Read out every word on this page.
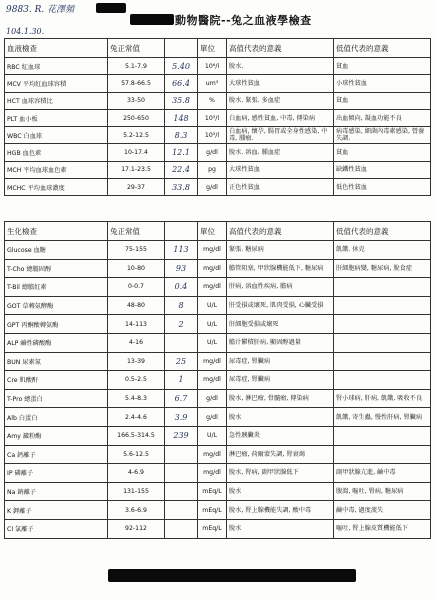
9883. R. 花澤頻
104.1.30.
動物醫院--兔之血液學檢查
血液檢查	兔正常值		單位	高值代表的意義	低值代表的意義
RBC 紅血球	5.1-7.9	5.40	10⁶/l	脫水.	貧血
MCV 平均紅血球容積	57.8-66.5	66.4	um³	大球性貧血	小球性貧血
HCT 血球容積比	33-50	35.8	%	脫水. 緊張. 多血症	貧血
PLT 血小板	250-650	148	10³/l	白血病, 感性貧血, 中毒, 傳染病	出血傾向, 凝血功能不良
WBC 白血球	5.2-12.5	8.3	10³/l	白血病, 懷孕, 腸胃或全身性感染, 中毒, 腫瘤.	病毒感染, 細菌內毒素感染, 營養失調.
HGB 血色素	10-17.4	12.1	g/dl	脫水. 溶血. 腫血症	貧血
MCH 平均血球血色素	17.1-23.5	22.4	pg	大球性貧血	缺鐵性貧血
MCHC 平均血球濃度	29-37	33.8	g/dl	正色性貧血	低色性貧血
生化檢查	兔正常值		單位	高值代表的意義	低值代表的意義
Glucose 血糖	75-155	113	mg/dl	緊張. 糖尿病	飢餓. 休克
T-Cho 總膽固醇	10-80	93	mg/dl	膽管阻塞, 甲狀腺機能低下, 糖尿病	肝細胞病變, 糖尿病, 脫食症
T-Bil 總膽紅素	0-0.7	0.4	mg/dl	肝病, 溶血性疾病, 膽病	
GOT 草轉氨酵酶	48-80	8	U/L	肝受損或壞死, 肌肉受損, 心臟受損	
GPT 丙酮酸轉氨酶	14-113	2	U/L	肝細胞受損或壞死	
ALP 鹼性磷酸酶	4-16		U/L	膽汁鬱積肝病, 顯固醇過量	
BUN 尿素氮	13-39	25	mg/dl	尿毒症, 腎臟病	
Cre 肌酸酐	0.5-2.5	1	mg/dl	尿毒症, 腎臟病	
T-Pro 總蛋白	5.4-8.3	6.7	g/dl	脫水, 淋巴瘤, 骨髓瘤, 傳染病	腎小球病, 肝病, 飢餓, 吸收不良
Alb 白蛋白	2.4-4.6	3.9	g/dl	脫水	飢餓, 寄生蟲, 慢性肝病, 腎臟病
Amy 澱粉酶	166.5-314.5	239	U/L	急性胰臟炎	
Ca 鈣離子	5.6-12.5		mg/dl	淋巴瘤, 荷爾蒙失調, 腎衰竭	
IP 磷離子	4-6.9		mg/dl	脫水, 腎病, 副甲狀腺低下	副甲狀腺亢進, 鹼中毒
Na 鈉離子	131-155		mEq/L	脫水	腹瀉, 嘔吐, 腎病, 糖尿病
K 鉀離子	3.6-6.9		mEq/L	脫水, 腎上腺機能失調, 酸中毒	鹼中毒, 過度流失
Cl 氯離子	92-112		mEq/L	脫水	嘔吐, 腎上腺皮質機能低下
